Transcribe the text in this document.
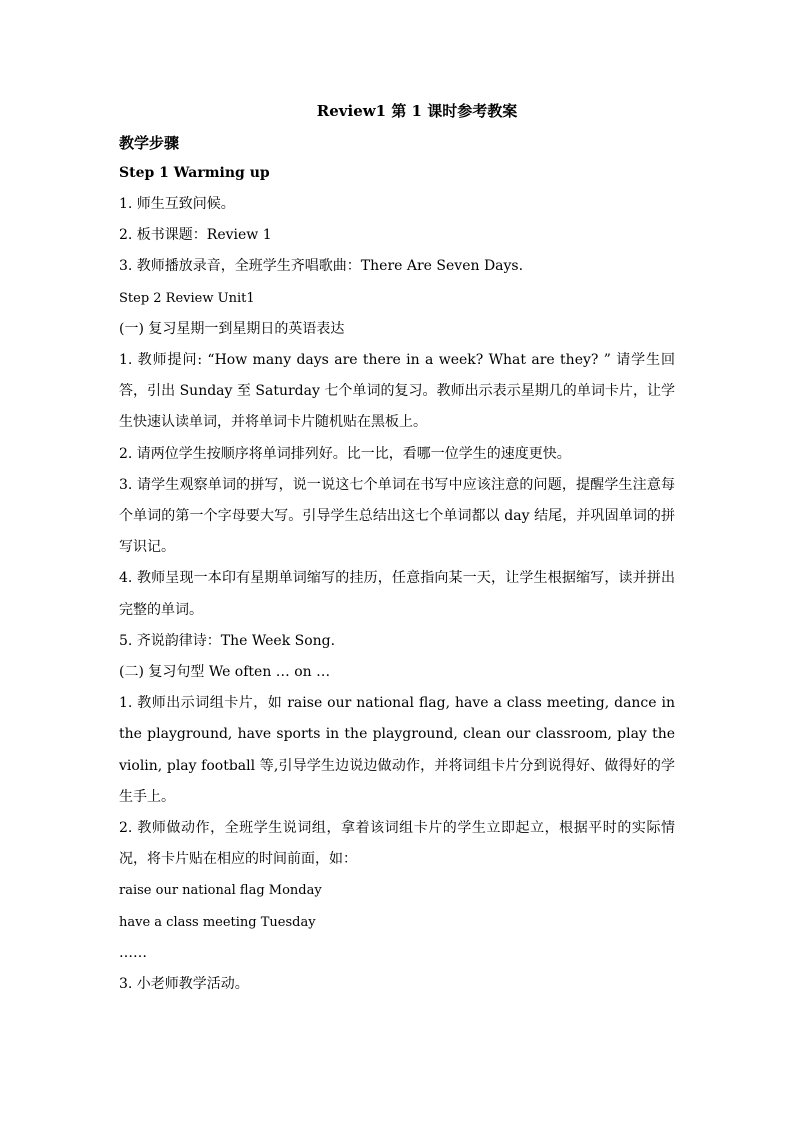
Review1 第 1 课时参考教案

教学步骤

Step 1 Warming up

1. 师生互致问候。

2. 板书课题：Review 1

3. 教师播放录音，全班学生齐唱歌曲：There Are Seven Days.

Step 2 Review Unit1

(一) 复习星期一到星期日的英语表达

1. 教师提问: “How many days are there in a week? What are they? ” 请学生回答，引出 Sunday 至 Saturday 七个单词的复习。教师出示表示星期几的单词卡片，让学生快速认读单词，并将单词卡片随机贴在黑板上。

2. 请两位学生按顺序将单词排列好。比一比，看哪一位学生的速度更快。

3. 请学生观察单词的拼写，说一说这七个单词在书写中应该注意的问题，提醒学生注意每个单词的第一个字母要大写。引导学生总结出这七个单词都以 day 结尾，并巩固单词的拼写识记。

4. 教师呈现一本印有星期单词缩写的挂历，任意指向某一天，让学生根据缩写，读并拼出完整的单词。

5. 齐说韵律诗：The Week Song.

(二) 复习句型 We often … on …

1. 教师出示词组卡片，如 raise our national flag, have a class meeting, dance in the playground, have sports in the playground, clean our classroom, play the violin, play football 等,引导学生边说边做动作，并将词组卡片分到说得好、做得好的学生手上。

2. 教师做动作，全班学生说词组，拿着该词组卡片的学生立即起立，根据平时的实际情况，将卡片贴在相应的时间前面，如：

raise our national flag Monday

have a class meeting Tuesday

……

3. 小老师教学活动。
